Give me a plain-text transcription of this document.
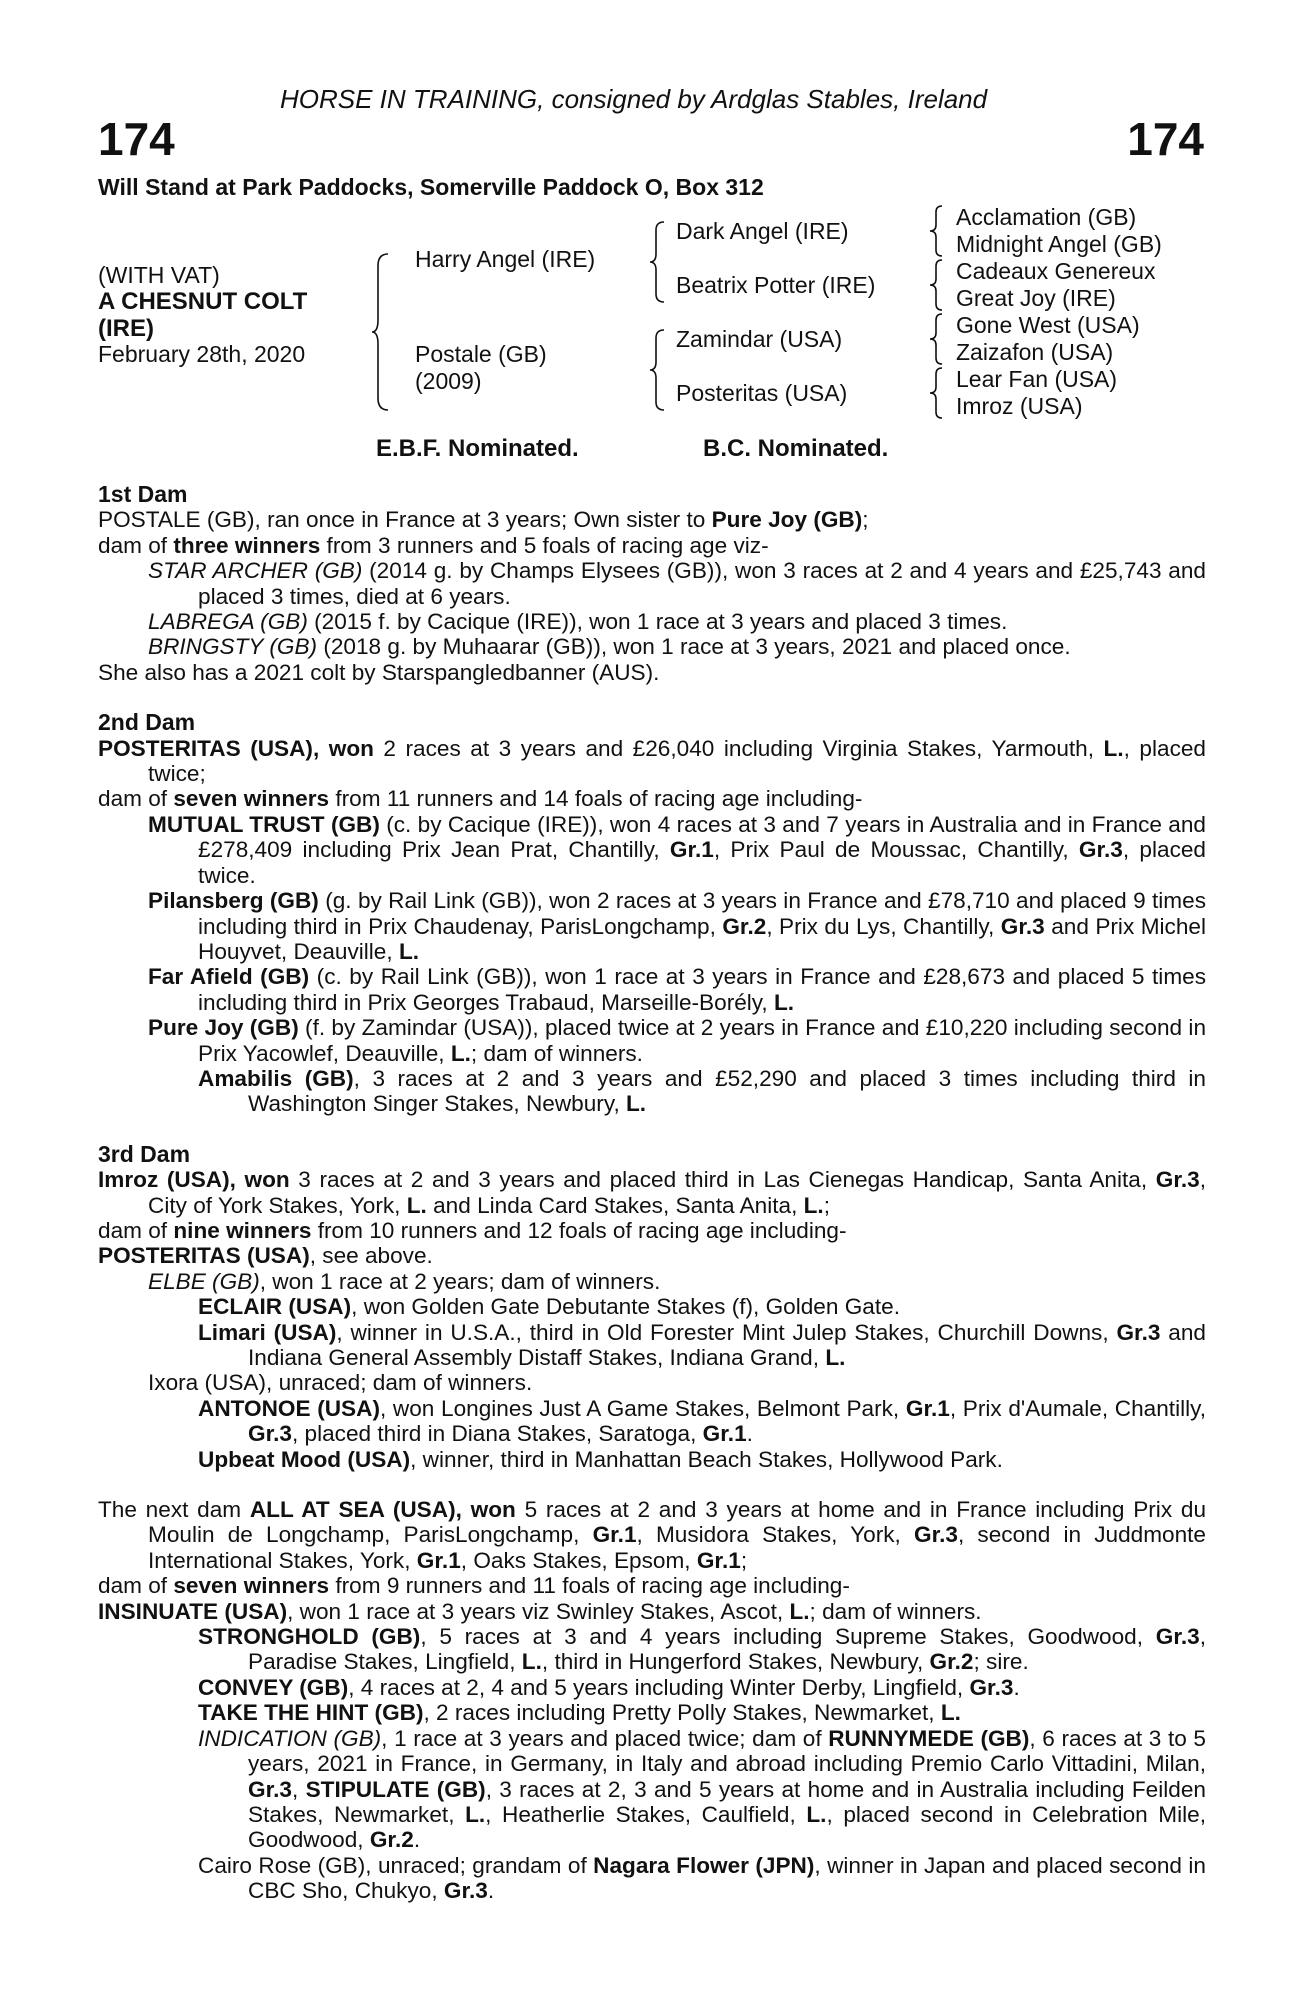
HORSE IN TRAINING, consigned by Ardglas Stables, Ireland
174	174
Will Stand at Park Paddocks, Somerville Paddock O, Box 312
(WITH VAT)
A CHESNUT COLT
(IRE)
February 28th, 2020
Harry Angel (IRE)
Postale (GB)
(2009)
Dark Angel (IRE)
Beatrix Potter (IRE)
Zamindar (USA)
Posteritas (USA)
Acclamation (GB)
Midnight Angel (GB)
Cadeaux Genereux
Great Joy (IRE)
Gone West (USA)
Zaizafon (USA)
Lear Fan (USA)
Imroz (USA)
E.B.F. Nominated.	B.C. Nominated.
1st Dam
POSTALE (GB), ran once in France at 3 years; Own sister to Pure Joy (GB);
dam of three winners from 3 runners and 5 foals of racing age viz-
STAR ARCHER (GB) (2014 g. by Champs Elysees (GB)), won 3 races at 2 and 4 years and £25,743 and placed 3 times, died at 6 years.
LABREGA (GB) (2015 f. by Cacique (IRE)), won 1 race at 3 years and placed 3 times.
BRINGSTY (GB) (2018 g. by Muhaarar (GB)), won 1 race at 3 years, 2021 and placed once.
She also has a 2021 colt by Starspangledbanner (AUS).
2nd Dam
POSTERITAS (USA), won 2 races at 3 years and £26,040 including Virginia Stakes, Yarmouth, L., placed twice;
dam of seven winners from 11 runners and 14 foals of racing age including-
MUTUAL TRUST (GB) (c. by Cacique (IRE)), won 4 races at 3 and 7 years in Australia and in France and £278,409 including Prix Jean Prat, Chantilly, Gr.1, Prix Paul de Moussac, Chantilly, Gr.3, placed twice.
Pilansberg (GB) (g. by Rail Link (GB)), won 2 races at 3 years in France and £78,710 and placed 9 times including third in Prix Chaudenay, ParisLongchamp, Gr.2, Prix du Lys, Chantilly, Gr.3 and Prix Michel Houyvet, Deauville, L.
Far Afield (GB) (c. by Rail Link (GB)), won 1 race at 3 years in France and £28,673 and placed 5 times including third in Prix Georges Trabaud, Marseille-Borély, L.
Pure Joy (GB) (f. by Zamindar (USA)), placed twice at 2 years in France and £10,220 including second in Prix Yacowlef, Deauville, L.; dam of winners.
Amabilis (GB), 3 races at 2 and 3 years and £52,290 and placed 3 times including third in Washington Singer Stakes, Newbury, L.
3rd Dam
Imroz (USA), won 3 races at 2 and 3 years and placed third in Las Cienegas Handicap, Santa Anita, Gr.3, City of York Stakes, York, L. and Linda Card Stakes, Santa Anita, L.;
dam of nine winners from 10 runners and 12 foals of racing age including-
POSTERITAS (USA), see above.
ELBE (GB), won 1 race at 2 years; dam of winners.
ECLAIR (USA), won Golden Gate Debutante Stakes (f), Golden Gate.
Limari (USA), winner in U.S.A., third in Old Forester Mint Julep Stakes, Churchill Downs, Gr.3 and Indiana General Assembly Distaff Stakes, Indiana Grand, L.
Ixora (USA), unraced; dam of winners.
ANTONOE (USA), won Longines Just A Game Stakes, Belmont Park, Gr.1, Prix d'Aumale, Chantilly, Gr.3, placed third in Diana Stakes, Saratoga, Gr.1.
Upbeat Mood (USA), winner, third in Manhattan Beach Stakes, Hollywood Park.
The next dam ALL AT SEA (USA), won 5 races at 2 and 3 years at home and in France including Prix du Moulin de Longchamp, ParisLongchamp, Gr.1, Musidora Stakes, York, Gr.3, second in Juddmonte International Stakes, York, Gr.1, Oaks Stakes, Epsom, Gr.1;
dam of seven winners from 9 runners and 11 foals of racing age including-
INSINUATE (USA), won 1 race at 3 years viz Swinley Stakes, Ascot, L.; dam of winners.
STRONGHOLD (GB), 5 races at 3 and 4 years including Supreme Stakes, Goodwood, Gr.3, Paradise Stakes, Lingfield, L., third in Hungerford Stakes, Newbury, Gr.2; sire.
CONVEY (GB), 4 races at 2, 4 and 5 years including Winter Derby, Lingfield, Gr.3.
TAKE THE HINT (GB), 2 races including Pretty Polly Stakes, Newmarket, L.
INDICATION (GB), 1 race at 3 years and placed twice; dam of RUNNYMEDE (GB), 6 races at 3 to 5 years, 2021 in France, in Germany, in Italy and abroad including Premio Carlo Vittadini, Milan, Gr.3, STIPULATE (GB), 3 races at 2, 3 and 5 years at home and in Australia including Feilden Stakes, Newmarket, L., Heatherlie Stakes, Caulfield, L., placed second in Celebration Mile, Goodwood, Gr.2.
Cairo Rose (GB), unraced; grandam of Nagara Flower (JPN), winner in Japan and placed second in CBC Sho, Chukyo, Gr.3.
